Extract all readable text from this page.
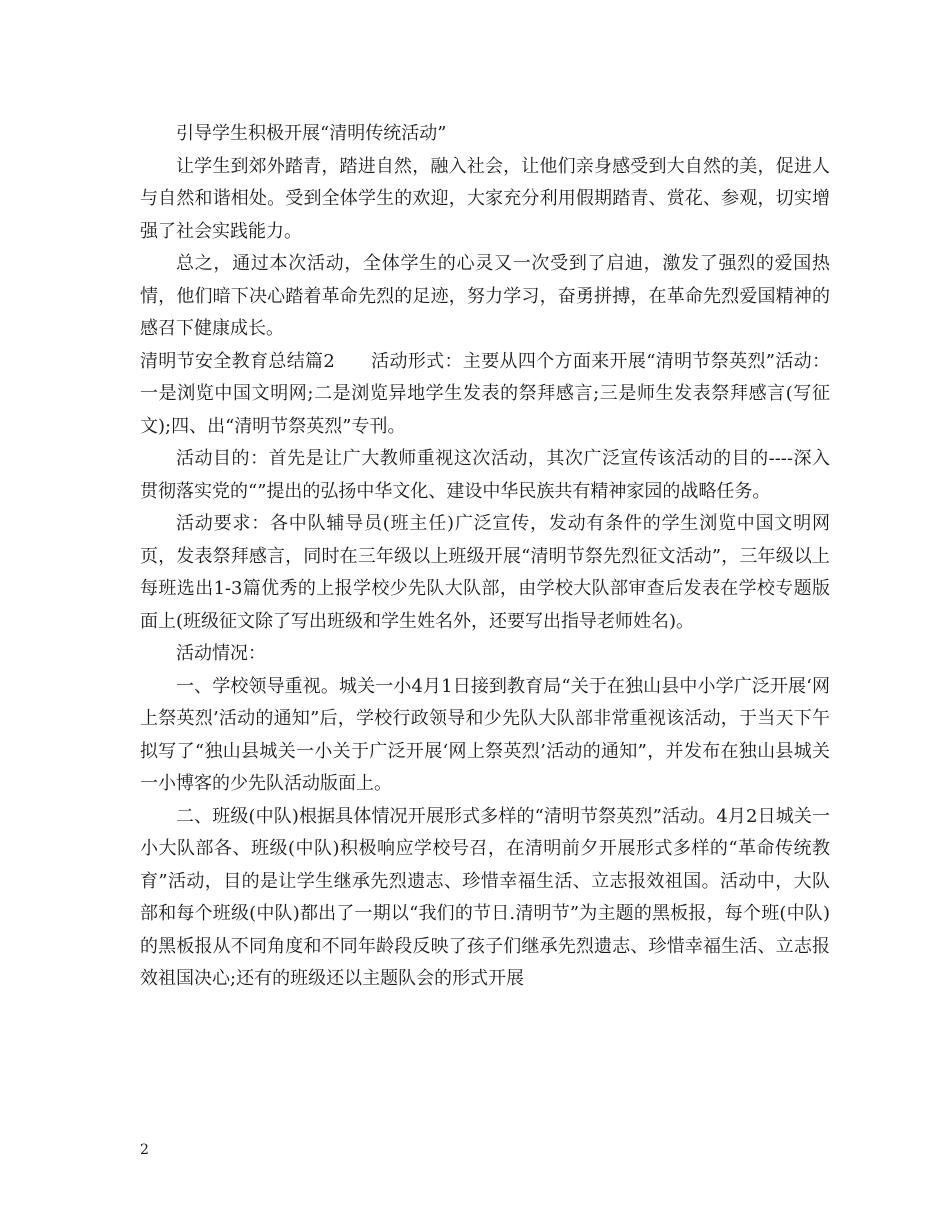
引导学生积极开展“清明传统活动”

让学生到郊外踏青，踏进自然，融入社会，让他们亲身感受到大自然的美，促进人与自然和谐相处。受到全体学生的欢迎，大家充分利用假期踏青、赏花、参观，切实增强了社会实践能力。

总之，通过本次活动，全体学生的心灵又一次受到了启迪，激发了强烈的爱国热情，他们暗下决心踏着革命先烈的足迹，努力学习，奋勇拼搏，在革命先烈爱国精神的感召下健康成长。

清明节安全教育总结篇2 活动形式：主要从四个方面来开展“清明节祭英烈”活动：一是浏览中国文明网;二是浏览异地学生发表的祭拜感言;三是师生发表祭拜感言(写征文);四、出“清明节祭英烈”专刊。

活动目的：首先是让广大教师重视这次活动，其次广泛宣传该活动的目的----深入贯彻落实党的“”提出的弘扬中华文化、建设中华民族共有精神家园的战略任务。

活动要求：各中队辅导员(班主任)广泛宣传，发动有条件的学生浏览中国文明网页，发表祭拜感言，同时在三年级以上班级开展“清明节祭先烈征文活动”，三年级以上每班选出1-3篇优秀的上报学校少先队大队部，由学校大队部审查后发表在学校专题版面上(班级征文除了写出班级和学生姓名外，还要写出指导老师姓名)。

活动情况：

一、学校领导重视。城关一小4月1日接到教育局“关于在独山县中小学广泛开展‘网上祭英烈’活动的通知”后，学校行政领导和少先队大队部非常重视该活动，于当天下午拟写了“独山县城关一小关于广泛开展‘网上祭英烈’活动的通知”，并发布在独山县城关一小博客的少先队活动版面上。

二、班级(中队)根据具体情况开展形式多样的“清明节祭英烈”活动。4月2日城关一小大队部各、班级(中队)积极响应学校号召，在清明前夕开展形式多样的“革命传统教育”活动，目的是让学生继承先烈遗志、珍惜幸福生活、立志报效祖国。活动中，大队部和每个班级(中队)都出了一期以“我们的节日.清明节”为主题的黑板报，每个班(中队)的黑板报从不同角度和不同年龄段反映了孩子们继承先烈遗志、珍惜幸福生活、立志报效祖国决心;还有的班级还以主题队会的形式开展

2
